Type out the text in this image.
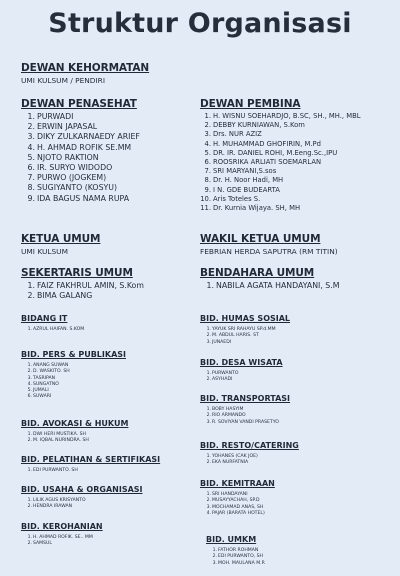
Struktur Organisasi
DEWAN KEHORMATAN
UMI KULSUM / PENDIRI
DEWAN PENASEHAT
1. PURWADI
2. ERWIN JAPASAL
3. DIKY ZULKARNAEDY ARIEF
4. H. AHMAD ROFIK SE.MM
5. NJOTO RAKTION
6. IR. SURYO WIDODO
7. PURWO (JOGKEM)
8. SUGIYANTO (KOSYU)
9. IDA BAGUS NAMA RUPA
KETUA UMUM
UMI KULSUM
SEKERTARIS UMUM
1. FAIZ FAKHRUL AMIN, S.Kom
2. BIMA GALANG
BIDANG IT
1.AZRUL HAIFAN. S.KOM
BID. PERS & PUBLIKASI
1.ANANG SUWAN
2.D. WASKITO. SH
3.TASRIPAN
4.SUNGATNO
5.JUMALI
6.SUWARI
BID. AVOKASI & HUKUM
1.DWI HERI MUSTIKA. SH
2.M. IQBAL NURINDRA. SH
BID. PELATIHAN & SERTIFIKASI
1.EDI PURWANTO. SH
BID. USAHA & ORGANISASI
1.LILIK AGUS KRISYANTO
2.HENDRA IRAWAN
BID. KEROHANIAN
1.H. AHMAD ROFIK. SE.. MM
2.SAMSUL
DEWAN PEMBINA
1. H. WISNU SOEHARDJO, B.SC, SH., MH., MBL
2. DEBBY KURNIAWAN, S.Kom
3. Drs. NUR AZIZ
4. H. MUHAMMAD GHOFIRIN, M.Pd
5. DR. IR. DANIEL ROHI, M.Eeng.Sc.,IPU
6. ROOSRIKA ARLIATI SOEMARLAN
7. SRI MARYANI,S.sos
8. Dr. H. Noor Hadi, MH
9. I N. GDE BUDEARTA
10. Aris Toteles S.
11. Dr. Kurnia Wijaya. SH, MH
WAKIL KETUA UMUM
FEBRIAN HERDA SAPUTRA (RM TITIN)
BENDAHARA UMUM
1. NABILA AGATA HANDAYANI, S.M
BID. HUMAS SOSIAL
1.YAYUK SRI RAHAYU SP.d.MM
2.M. ABDUL HARIS. ST
3.JUNAEDI
BID. DESA WISATA
1.PURWANTO
2.ASYHADI
BID. TRANSPORTASI
1.BOBY HASYIM
2.RIO ARMANDO
3.R. SOVIYAN VANDI PRASETYO
BID. RESTO/CATERING
1.YOHANES (CAK JOE)
2.EKA NURFATNIA
BID. KEMITRAAN
1.SRI HANDAYANI
2.MUSAYYACHAH, SP.D
3.MOCHAMAD ANAS, SH
4.PAJAR (BARATA HOTEL)
BID. UMKM
1.FATHOR ROHMAN
2.EDI PURWANTO, SH
3.MOH. MAULANA M.R
